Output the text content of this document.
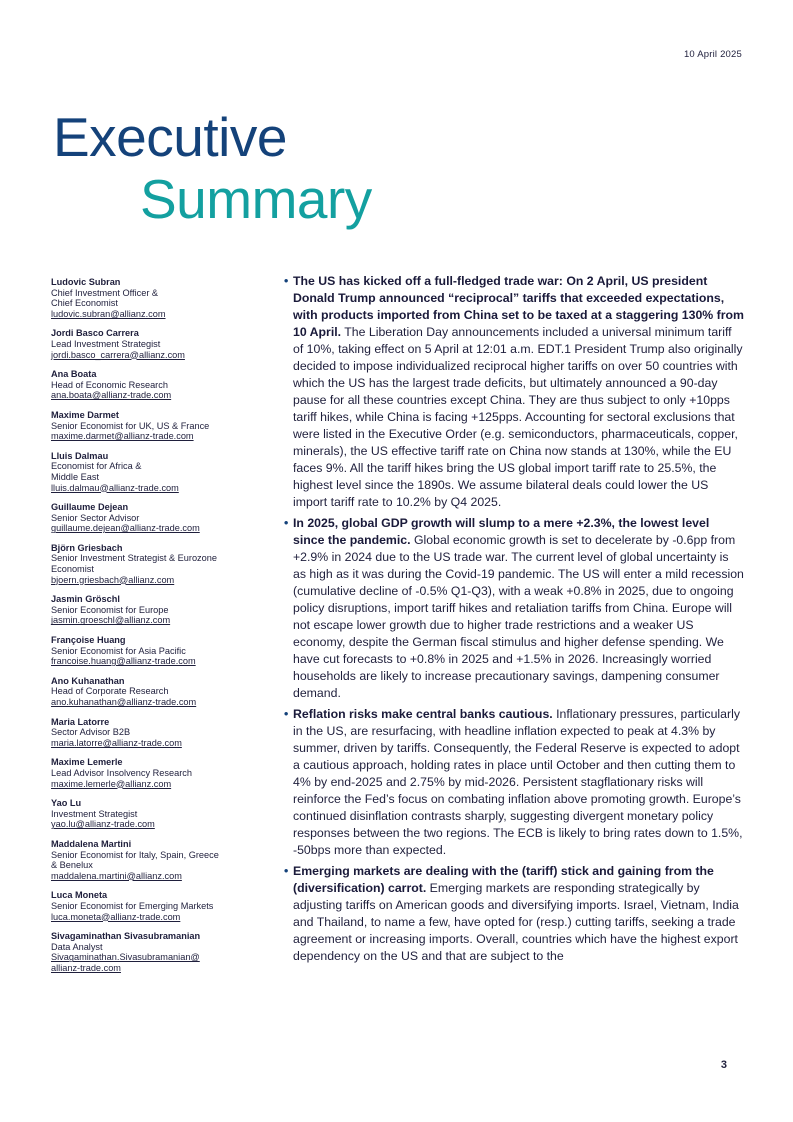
10 April 2025
Executive
Summary
Ludovic Subran
Chief Investment Officer &
Chief Economist
ludovic.subran@allianz.com
Jordi Basco Carrera
Lead Investment Strategist
jordi.basco_carrera@allianz.com
Ana Boata
Head of Economic Research
ana.boata@allianz-trade.com
Maxime Darmet
Senior Economist for UK, US & France
maxime.darmet@allianz-trade.com
Lluis Dalmau
Economist for Africa &
Middle East
lluis.dalmau@allianz-trade.com
Guillaume Dejean
Senior Sector Advisor
guillaume.dejean@allianz-trade.com
Björn Griesbach
Senior Investment Strategist & Eurozone
Economist
bjoern.griesbach@allianz.com
Jasmin Gröschl
Senior Economist for Europe
jasmin.groeschl@allianz.com
Françoise Huang
Senior Economist for Asia Pacific
francoise.huang@allianz-trade.com
Ano Kuhanathan
Head of Corporate Research
ano.kuhanathan@allianz-trade.com
Maria Latorre
Sector Advisor B2B
maria.latorre@allianz-trade.com
Maxime Lemerle
Lead Advisor Insolvency Research
maxime.lemerle@allianz.com
Yao Lu
Investment Strategist
yao.lu@allianz-trade.com
Maddalena Martini
Senior Economist for Italy, Spain, Greece
& Benelux
maddalena.martini@allianz.com
Luca Moneta
Senior Economist for Emerging Markets
luca.moneta@allianz-trade.com
Sivagaminathan Sivasubramanian
Data Analyst
Sivagaminathan.Sivasubramanian@
allianz-trade.com
• The US has kicked off a full-fledged trade war: On 2 April, US president Donald Trump announced “reciprocal” tariffs that exceeded expectations, with products imported from China set to be taxed at a staggering 130% from 10 April. The Liberation Day announcements included a universal minimum tariff of 10%, taking effect on 5 April at 12:01 a.m. EDT.1 President Trump also originally decided to impose individualized reciprocal higher tariffs on over 50 countries with which the US has the largest trade deficits, but ultimately announced a 90-day pause for all these countries except China. They are thus subject to only +10pps tariff hikes, while China is facing +125pps. Accounting for sectoral exclusions that were listed in the Executive Order (e.g. semiconductors, pharmaceuticals, copper, minerals), the US effective tariff rate on China now stands at 130%, while the EU faces 9%. All the tariff hikes bring the US global import tariff rate to 25.5%, the highest level since the 1890s. We assume bilateral deals could lower the US import tariff rate to 10.2% by Q4 2025.
• In 2025, global GDP growth will slump to a mere +2.3%, the lowest level since the pandemic. Global economic growth is set to decelerate by -0.6pp from +2.9% in 2024 due to the US trade war. The current level of global uncertainty is as high as it was during the Covid-19 pandemic. The US will enter a mild recession (cumulative decline of -0.5% Q1-Q3), with a weak +0.8% in 2025, due to ongoing policy disruptions, import tariff hikes and retaliation tariffs from China. Europe will not escape lower growth due to higher trade restrictions and a weaker US economy, despite the German fiscal stimulus and higher defense spending. We have cut forecasts to +0.8% in 2025 and +1.5% in 2026. Increasingly worried households are likely to increase precautionary savings, dampening consumer demand.
• Reflation risks make central banks cautious. Inflationary pressures, particularly in the US, are resurfacing, with headline inflation expected to peak at 4.3% by summer, driven by tariffs. Consequently, the Federal Reserve is expected to adopt a cautious approach, holding rates in place until October and then cutting them to 4% by end-2025 and 2.75% by mid-2026. Persistent stagflationary risks will reinforce the Fed’s focus on combating inflation above promoting growth. Europe’s continued disinflation contrasts sharply, suggesting divergent monetary policy responses between the two regions. The ECB is likely to bring rates down to 1.5%, -50bps more than expected.
• Emerging markets are dealing with the (tariff) stick and gaining from the (diversification) carrot. Emerging markets are responding strategically by adjusting tariffs on American goods and diversifying imports. Israel, Vietnam, India and Thailand, to name a few, have opted for (resp.) cutting tariffs, seeking a trade agreement or increasing imports. Overall, countries which have the highest export dependency on the US and that are subject to the
3
